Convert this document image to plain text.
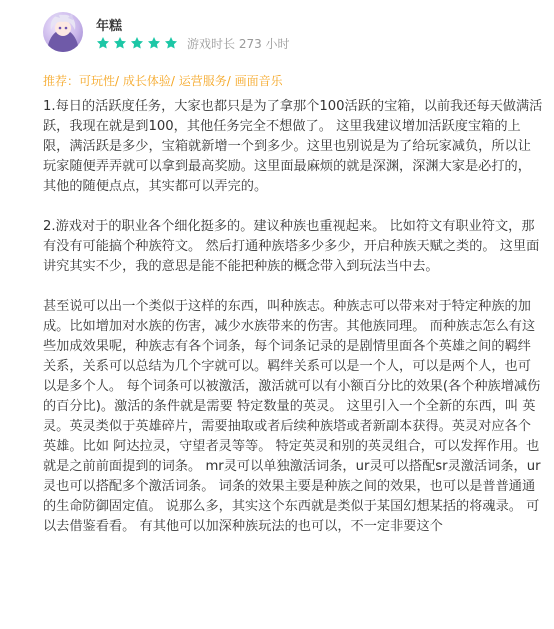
年糕
游戏时长 273 小时
推荐：可玩性/ 成长体验/ 运营服务/ 画面音乐

1.每日的活跃度任务，大家也都只是为了拿那个100活跃的宝箱，以前我还每天做满活跃，我现在就是到100，其他任务完全不想做了。 这里我建议增加活跃度宝箱的上限，满活跃是多少，宝箱就新增一个到多少。这里也别说是为了给玩家减负，所以让玩家随便弄弄就可以拿到最高奖励。这里面最麻烦的就是深渊，深渊大家是必打的，其他的随便点点，其实都可以弄完的。

2.游戏对于的职业各个细化挺多的。建议种族也重视起来。 比如符文有职业符文，那有没有可能搞个种族符文。 然后打通种族塔多少多少，开启种族天赋之类的。 这里面讲究其实不少，我的意思是能不能把种族的概念带入到玩法当中去。

甚至说可以出一个类似于这样的东西，叫种族志。种族志可以带来对于特定种族的加成。比如增加对水族的伤害，减少水族带来的伤害。其他族同理。 而种族志怎么有这些加成效果呢，种族志有各个词条，每个词条记录的是剧情里面各个英雄之间的羁绊关系，关系可以总结为几个字就可以。羁绊关系可以是一个人，可以是两个人，也可以是多个人。 每个词条可以被激活，激活就可以有小额百分比的效果(各个种族增减伤的百分比)。激活的条件就是需要 特定数量的英灵。 这里引入一个全新的东西，叫 英灵。英灵类似于英雄碎片，需要抽取或者后续种族塔或者新副本获得。英灵对应各个英雄。比如 阿达拉灵，守望者灵等等。 特定英灵和别的英灵组合，可以发挥作用。也就是之前前面提到的词条。 mr灵可以单独激活词条，ur灵可以搭配sr灵激活词条，ur灵也可以搭配多个激活词条。 词条的效果主要是种族之间的效果，也可以是普普通通的生命防御固定值。 说那么多，其实这个东西就是类似于某国幻想某括的将魂录。 可以去借鉴看看。 有其他可以加深种族玩法的也可以，不一定非要这个
